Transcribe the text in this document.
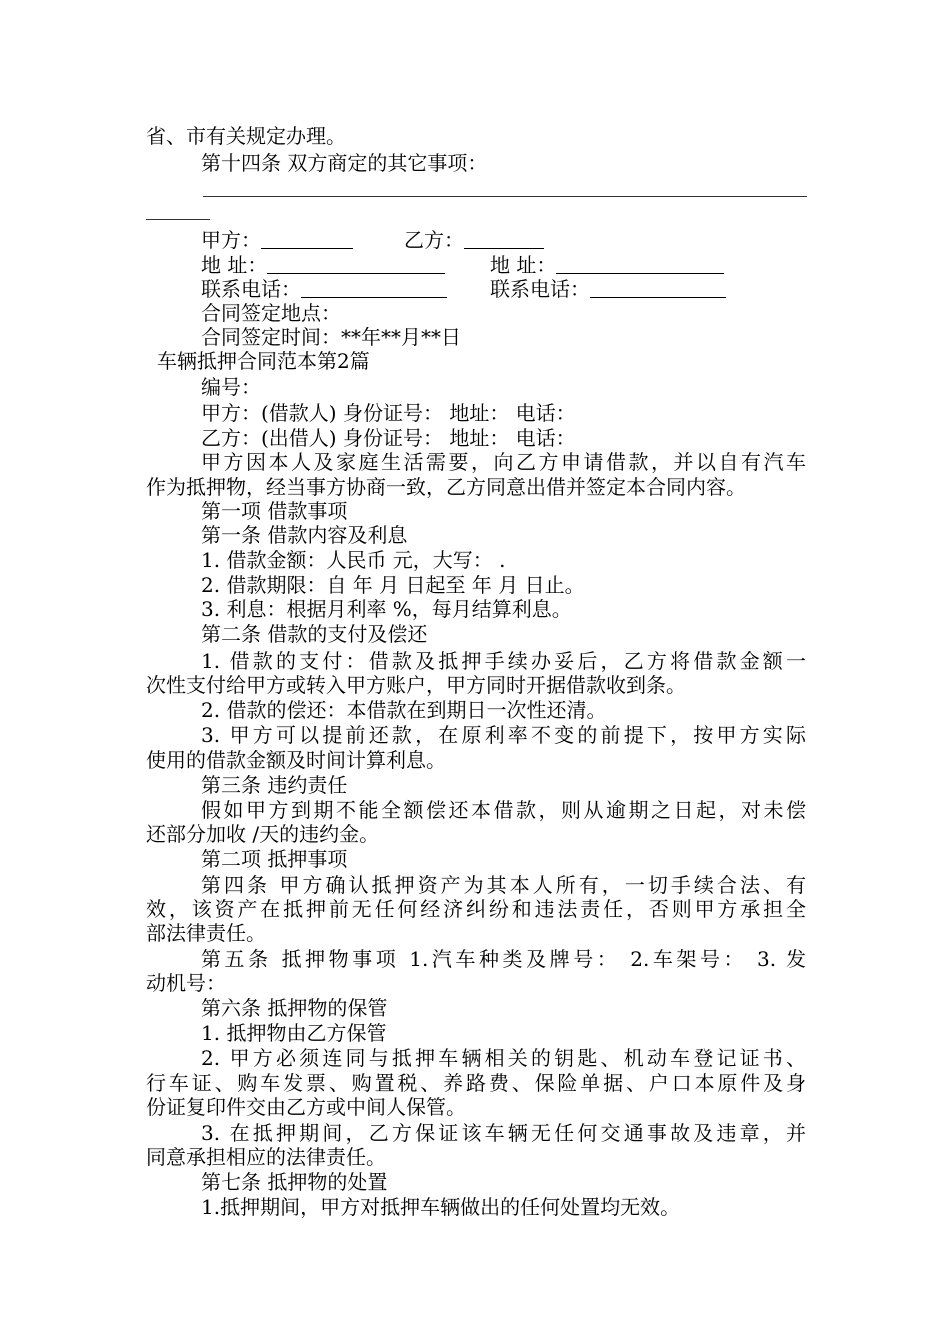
省、市有关规定办理。
第十四条 双方商定的其它事项：
甲方：	乙方：
地 址：	地 址：
联系电话：	联系电话：
合同签定地点：
合同签定时间：**年**月**日
车辆抵押合同范本第2篇
编号：
甲方：(借款人) 身份证号： 地址： 电话：
乙方：(出借人) 身份证号： 地址： 电话：
甲方因本人及家庭生活需要，向乙方申请借款，并以自有汽车
作为抵押物，经当事方协商一致，乙方同意出借并签定本合同内容。
第一项 借款事项
第一条 借款内容及利息
1. 借款金额：人民币 元，大写： .
2. 借款期限：自 年 月 日起至 年 月 日止。
3. 利息：根据月利率 %，每月结算利息。
第二条 借款的支付及偿还
1. 借款的支付：借款及抵押手续办妥后，乙方将借款金额一
次性支付给甲方或转入甲方账户，甲方同时开据借款收到条。
2. 借款的偿还：本借款在到期日一次性还清。
3. 甲方可以提前还款，在原利率不变的前提下，按甲方实际
使用的借款金额及时间计算利息。
第三条 违约责任
假如甲方到期不能全额偿还本借款，则从逾期之日起，对未偿
还部分加收 /天的违约金。
第二项 抵押事项
第四条 甲方确认抵押资产为其本人所有，一切手续合法、有
效，该资产在抵押前无任何经济纠纷和违法责任，否则甲方承担全
部法律责任。
第五条 抵押物事项 1.汽车种类及牌号： 2.车架号： 3. 发
动机号：
第六条 抵押物的保管
1. 抵押物由乙方保管
2. 甲方必须连同与抵押车辆相关的钥匙、机动车登记证书、
行车证、购车发票、购置税、养路费、保险单据、户口本原件及身
份证复印件交由乙方或中间人保管。
3. 在抵押期间，乙方保证该车辆无任何交通事故及违章，并
同意承担相应的法律责任。
第七条 抵押物的处置
1.抵押期间，甲方对抵押车辆做出的任何处置均无效。
